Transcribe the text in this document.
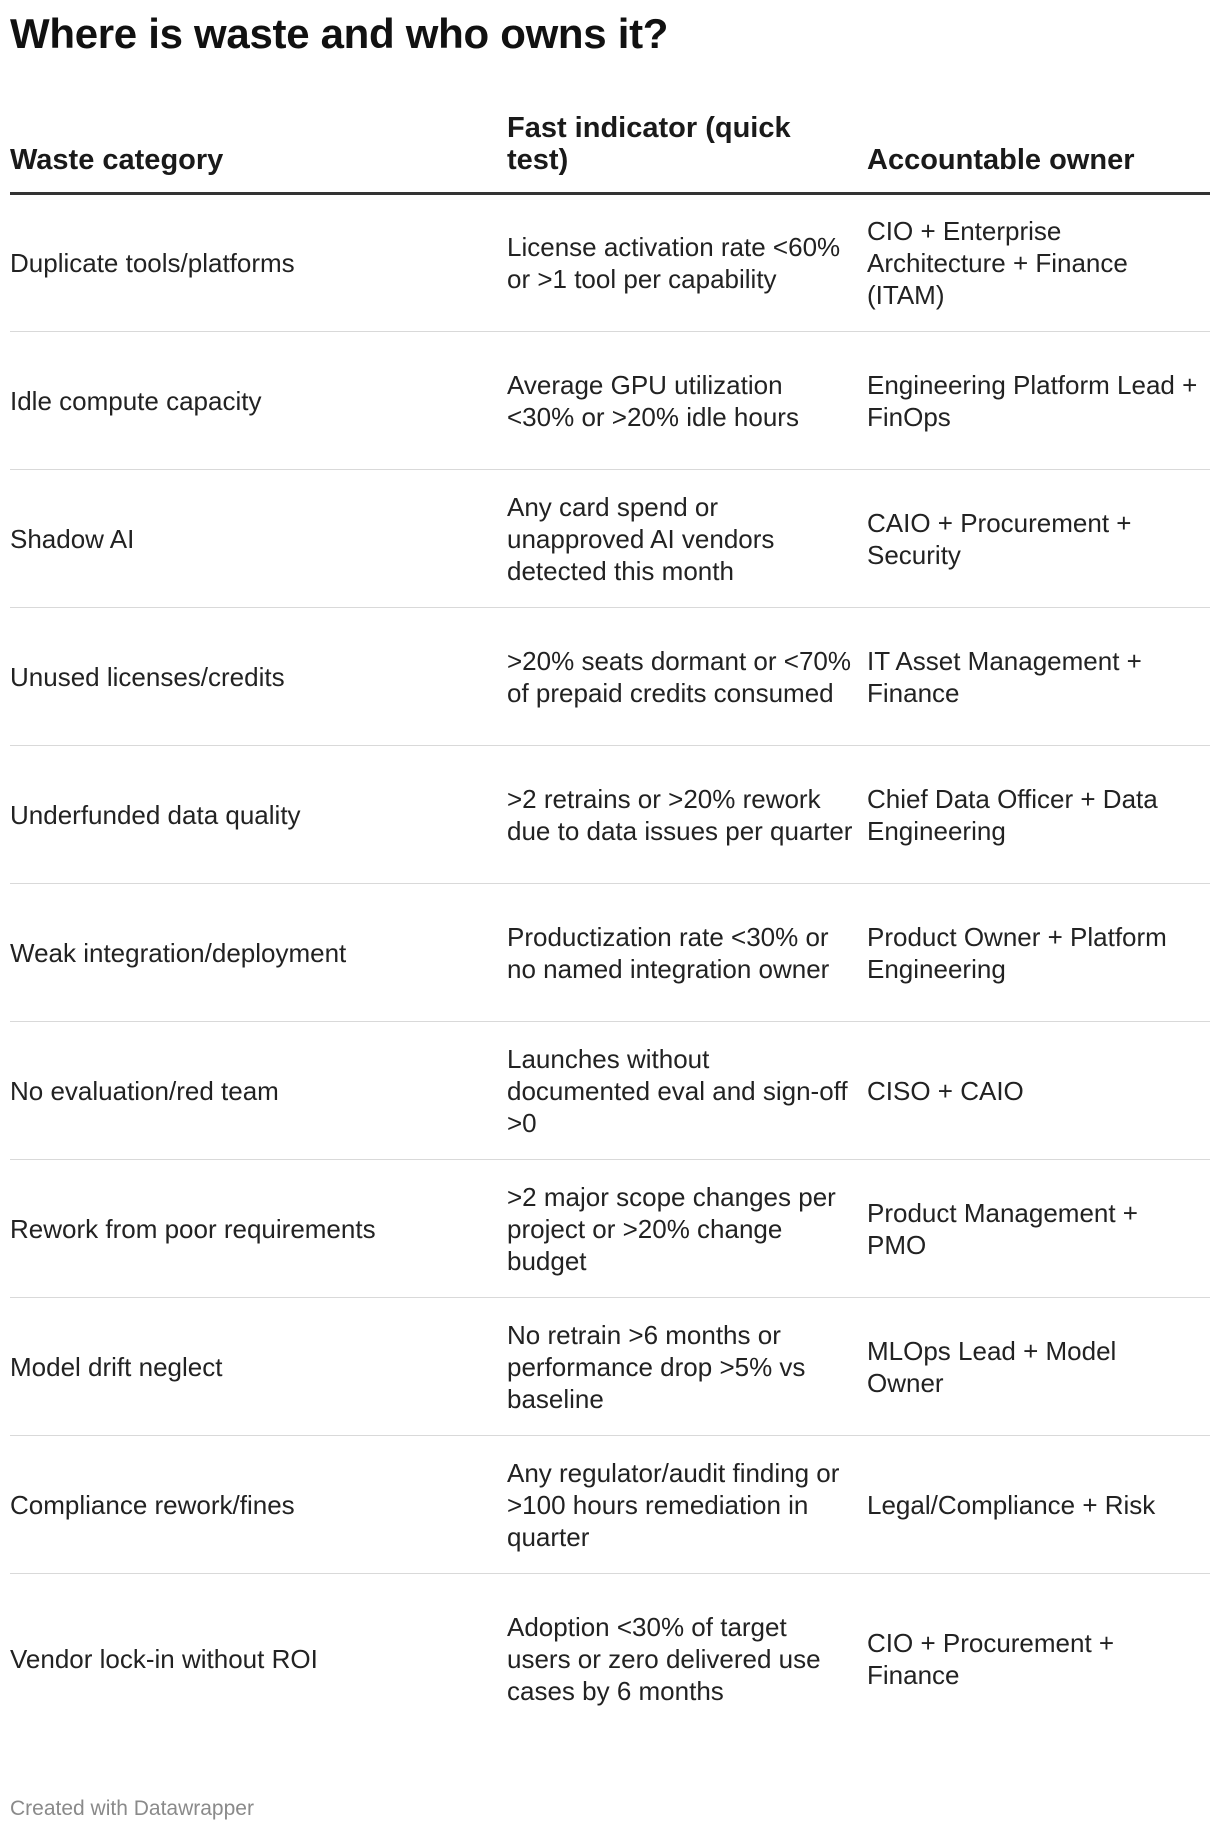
Where is waste and who owns it?
Waste category	Fast indicator (quick test)	Accountable owner
Duplicate tools/platforms	License activation rate <60% or >1 tool per capability	CIO + Enterprise Architecture + Finance (ITAM)
Idle compute capacity	Average GPU utilization <30% or >20% idle hours	Engineering Platform Lead + FinOps
Shadow AI	Any card spend or unapproved AI vendors detected this month	CAIO + Procurement + Security
Unused licenses/credits	>20% seats dormant or <70% of prepaid credits consumed	IT Asset Management + Finance
Underfunded data quality	>2 retrains or >20% rework due to data issues per quarter	Chief Data Officer + Data Engineering
Weak integration/deployment	Productization rate <30% or no named integration owner	Product Owner + Platform Engineering
No evaluation/red team	Launches without documented eval and sign-off >0	CISO + CAIO
Rework from poor requirements	>2 major scope changes per project or >20% change budget	Product Management + PMO
Model drift neglect	No retrain >6 months or performance drop >5% vs baseline	MLOps Lead + Model Owner
Compliance rework/fines	Any regulator/audit finding or >100 hours remediation in quarter	Legal/Compliance + Risk
Vendor lock-in without ROI	Adoption <30% of target users or zero delivered use cases by 6 months	CIO + Procurement + Finance
Created with Datawrapper
